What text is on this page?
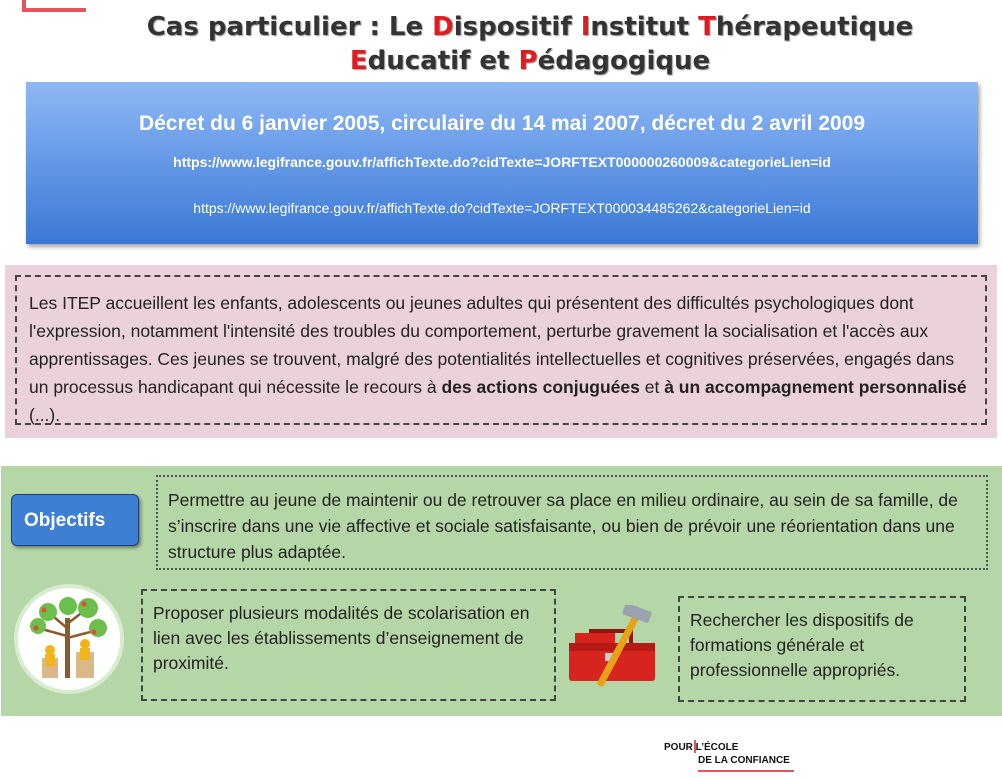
Cas particulier : Le Dispositif Institut Thérapeutique
Educatif et Pédagogique
Décret du 6 janvier 2005, circulaire du 14 mai 2007, décret du 2 avril 2009
https://www.legifrance.gouv.fr/affichTexte.do?cidTexte=JORFTEXT000000260009&categorieLien=id
https://www.legifrance.gouv.fr/affichTexte.do?cidTexte=JORFTEXT000034485262&categorieLien=id
Les ITEP accueillent les enfants, adolescents ou jeunes adultes qui présentent des difficultés psychologiques dont l'expression, notamment l'intensité des troubles du comportement, perturbe gravement la socialisation et l'accès aux apprentissages. Ces jeunes se trouvent, malgré des potentialités intellectuelles et cognitives préservées, engagés dans un processus handicapant qui nécessite le recours à des actions conjuguées et à un accompagnement personnalisé (...).
Objectifs
Permettre au jeune de maintenir ou de retrouver sa place en milieu ordinaire, au sein de sa famille, de s’inscrire dans une vie affective et sociale satisfaisante, ou bien de prévoir une réorientation dans une structure plus adaptée.
Proposer plusieurs modalités de scolarisation en lien avec les établissements d’enseignement de proximité.
Rechercher les dispositifs de formations générale et professionnelle appropriés.
POUR L’ÉCOLE
DE LA CONFIANCE
